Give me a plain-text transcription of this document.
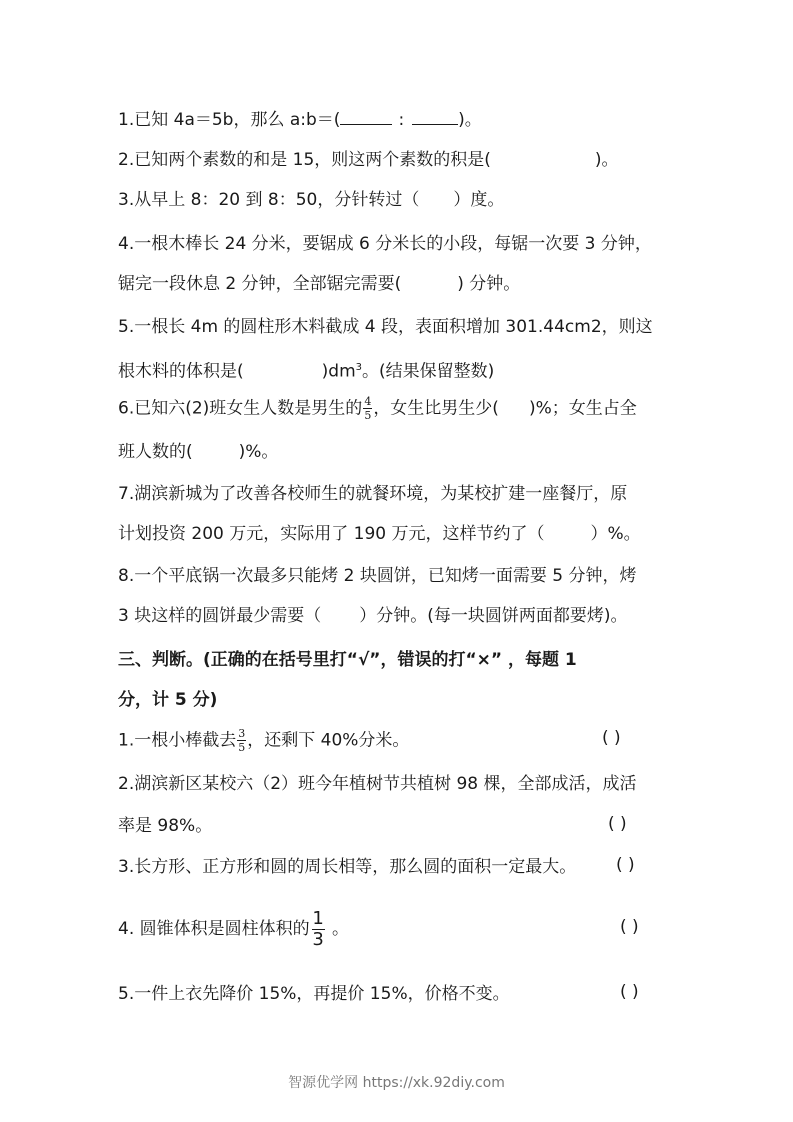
1.已知 4a＝5b，那么 a:b＝(	:	)。
2.已知两个素数的和是 15，则这两个素数的积是(	)。
3.从早上 8：20 到 8：50，分针转过（ ）度。
4.一根木棒长 24 分米，要锯成 6 分米长的小段，每锯一次要 3 分钟，
锯完一段休息 2 分钟，全部锯完需要(	) 分钟。
5.一根长 4m 的圆柱形木料截成 4 段，表面积增加 301.44cm2，则这
根木料的体积是(	)$dm^3$。(结果保留整数)
6.已知六(2)班女生人数是男生的 $\frac{4}{5}$ ，女生比男生少( )%；女生占全
班人数的(	)%。
7.湖滨新城为了改善各校师生的就餐环境，为某校扩建一座餐厅，原
计划投资 200 万元，实际用了 190 万元，这样节约了（	）%。
8.一个平底锅一次最多只能烤 2 块圆饼，已知烤一面需要 5 分钟，烤
3 块这样的圆饼最少需要（ ）分钟。(每一块圆饼两面都要烤)。
三、判断。(正确的在括号里打“√”，错误的打“×” ，每题 1
分，计 5 分)
1.一根小棒截去 $\frac{3}{5}$ ，还剩下 40%分米。	( )
2.湖滨新区某校六（2）班今年植树节共植树 98 棵，全部成活，成活
率是 98%。	( )
3.长方形、正方形和圆的周长相等，那么圆的面积一定最大。 ( )
4. 圆锥体积是圆柱体积的 $\frac{1}{3}$ 。	( )
5.一件上衣先降价 15%，再提价 15%，价格不变。	( )
智源优学网 https://xk.92diy.com
